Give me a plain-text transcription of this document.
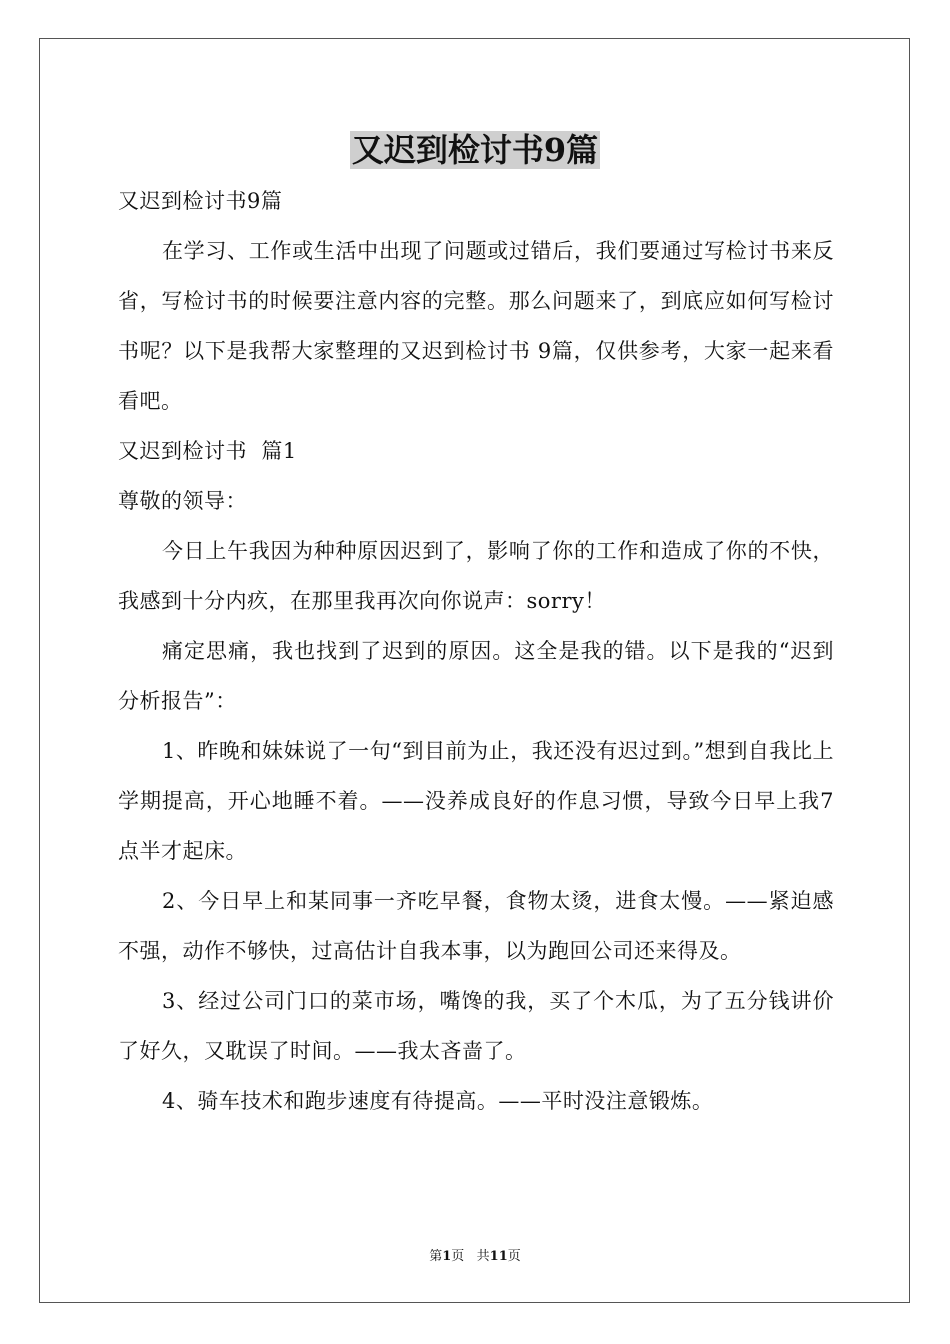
又迟到检讨书9篇

又迟到检讨书9篇

在学习、工作或生活中出现了问题或过错后，我们要通过写检讨书来反省，写检讨书的时候要注意内容的完整。那么问题来了，到底应如何写检讨书呢？以下是我帮大家整理的又迟到检讨书 9篇，仅供参考，大家一起来看看吧。

又迟到检讨书  篇1

尊敬的领导：

今日上午我因为种种原因迟到了，影响了你的工作和造成了你的不快，我感到十分内疚，在那里我再次向你说声：sorry！

痛定思痛，我也找到了迟到的原因。这全是我的错。以下是我的“迟到分析报告”：

1、昨晚和妹妹说了一句“到目前为止，我还没有迟过到。”想到自我比上学期提高，开心地睡不着。——没养成良好的作息习惯，导致今日早上我7点半才起床。

2、今日早上和某同事一齐吃早餐，食物太烫，进食太慢。——紧迫感不强，动作不够快，过高估计自我本事，以为跑回公司还来得及。

3、经过公司门口的菜市场，嘴馋的我，买了个木瓜，为了五分钱讲价了好久，又耽误了时间。——我太吝啬了。

4、骑车技术和跑步速度有待提高。——平时没注意锻炼。

第1页   共11页
